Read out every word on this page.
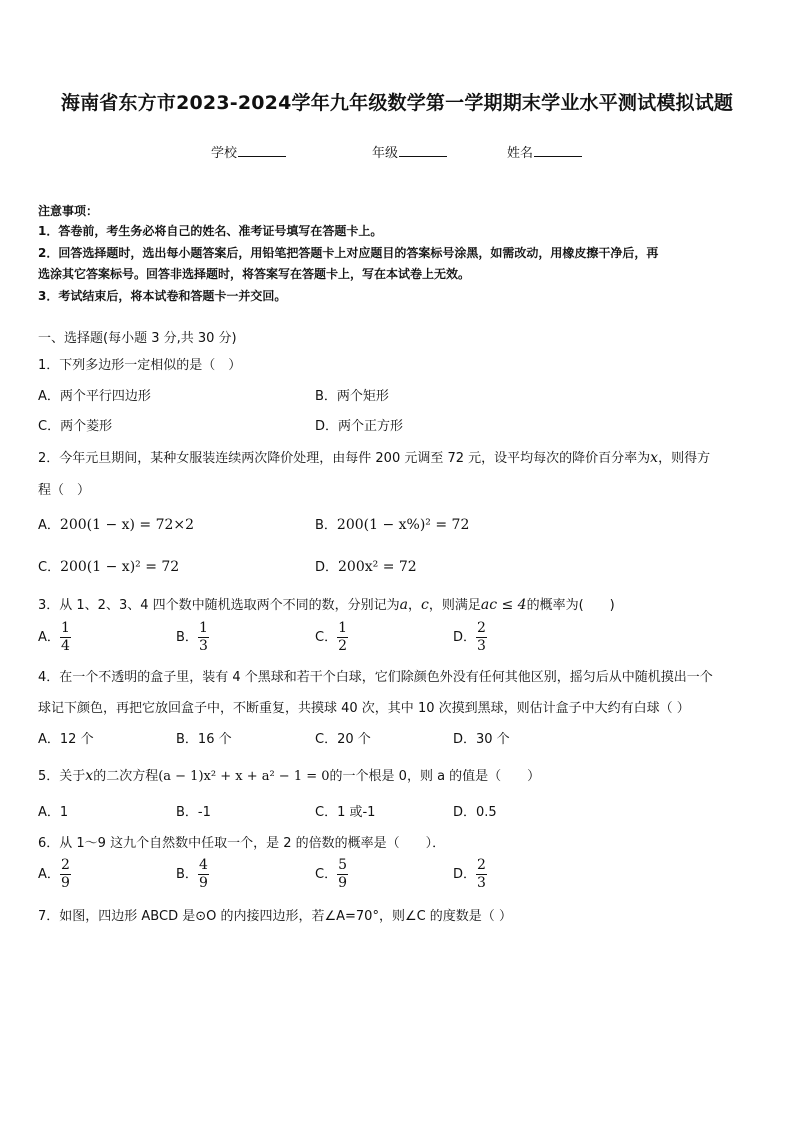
海南省东方市2023-2024学年九年级数学第一学期期末学业水平测试模拟试题
学校	年级	姓名
注意事项：
1．答卷前，考生务必将自己的姓名、准考证号填写在答题卡上。
2．回答选择题时，选出每小题答案后，用铅笔把答题卡上对应题目的答案标号涂黑，如需改动，用橡皮擦干净后，再
选涂其它答案标号。回答非选择题时，将答案写在答题卡上，写在本试卷上无效。
3．考试结束后，将本试卷和答题卡一并交回。
一、选择题(每小题 3 分,共 30 分)
1．下列多边形一定相似的是（　）
A．两个平行四边形	B．两个矩形
C．两个菱形	D．两个正方形
2．今年元旦期间，某种女服装连续两次降价处理，由每件 200 元调至 72 元，设平均每次的降价百分率为x，则得方
程（　）
A．200(1 − x) = 72×2	B．200(1 − x%)² = 72
C．200(1 − x)² = 72	D．200x² = 72
3．从 1、2、3、4 四个数中随机选取两个不同的数，分别记为a，c，则满足ac ≤ 4的概率为(　　)
A． $\frac{1}{4}$	B． $\frac{1}{3}$	C． $\frac{1}{2}$	D． $\frac{2}{3}$
4．在一个不透明的盒子里，装有 4 个黑球和若干个白球，它们除颜色外没有任何其他区别，摇匀后从中随机摸出一个
球记下颜色，再把它放回盒子中，不断重复，共摸球 40 次，其中 10 次摸到黑球，则估计盒子中大约有白球（ ）
A．12 个	B．16 个	C．20 个	D．30 个
5．关于x的二次方程(a − 1)x² + x + a² − 1 = 0的一个根是 0，则 a 的值是（　　）
A．1	B．-1	C．1 或-1	D．0.5
6．从 1～9 这九个自然数中任取一个，是 2 的倍数的概率是（　　）．
A． $\frac{2}{9}$	B． $\frac{4}{9}$	C． $\frac{5}{9}$	D． $\frac{2}{3}$
7．如图，四边形 ABCD 是⊙O 的内接四边形，若∠A=70°，则∠C 的度数是（ ）
